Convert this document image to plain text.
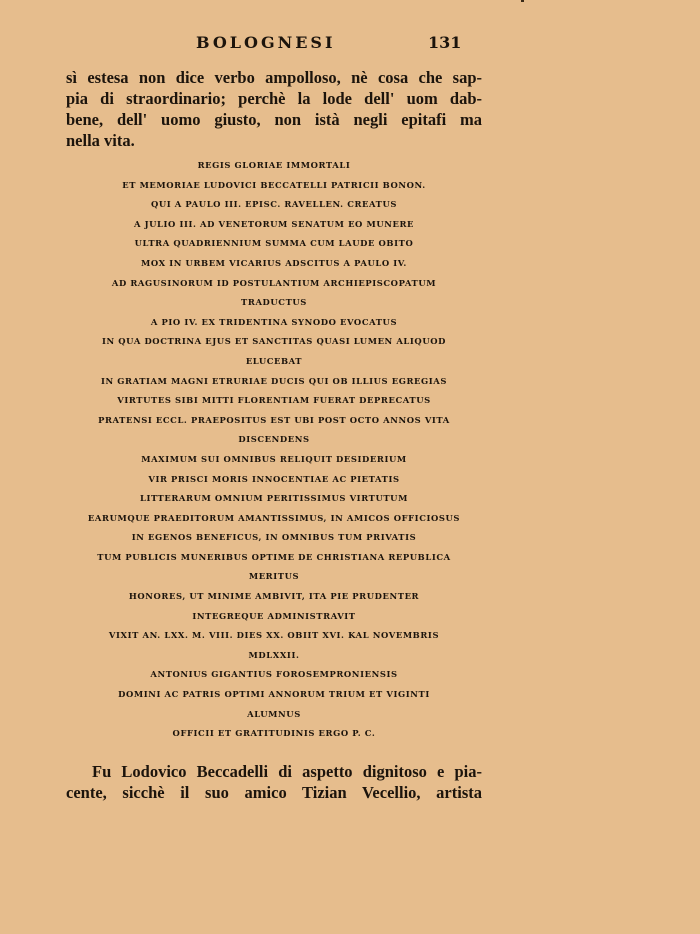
BOLOGNESI	131
sì estesa non dice verbo ampolloso, nè cosa che sap-
pia di straordinario; perchè la lode dell' uom dab-
bene, dell' uomo giusto, non istà negli epitafi ma
nella vita.
REGIS GLORIAE IMMORTALI
ET MEMORIAE LUDOVICI BECCATELLI PATRICII BONON.
QUI A PAULO III. EPISC. RAVELLEN. CREATUS
A JULIO III. AD VENETORUM SENATUM EO MUNERE
ULTRA QUADRIENNIUM SUMMA CUM LAUDE OBITO
MOX IN URBEM VICARIUS ADSCITUS A PAULO IV.
AD RAGUSINORUM ID POSTULANTIUM ARCHIEPISCOPATUM
TRADUCTUS
A PIO IV. EX TRIDENTINA SYNODO EVOCATUS
IN QUA DOCTRINA EJUS ET SANCTITAS QUASI LUMEN ALIQUOD
ELUCEBAT
IN GRATIAM MAGNI ETRURIAE DUCIS QUI OB ILLIUS EGREGIAS
VIRTUTES SIBI MITTI FLORENTIAM FUERAT DEPRECATUS
PRATENSI ECCL. PRAEPOSITUS EST UBI POST OCTO ANNOS VITA
DISCENDENS
MAXIMUM SUI OMNIBUS RELIQUIT DESIDERIUM
VIR PRISCI MORIS INNOCENTIAE AC PIETATIS
LITTERARUM OMNIUM PERITISSIMUS VIRTUTUM
EARUMQUE PRAEDITORUM AMANTISSIMUS, IN AMICOS OFFICIOSUS
IN EGENOS BENEFICUS, IN OMNIBUS TUM PRIVATIS
TUM PUBLICIS MUNERIBUS OPTIME DE CHRISTIANA REPUBLICA
MERITUS
HONORES, UT MINIME AMBIVIT, ITA PIE PRUDENTER
INTEGREQUE ADMINISTRAVIT
VIXIT AN. LXX. M. VIII. DIES XX. OBIIT XVI. KAL NOVEMBRIS
MDLXXII.
ANTONIUS GIGANTIUS FOROSEMPRONIENSIS
DOMINI AC PATRIS OPTIMI ANNORUM TRIUM ET VIGINTI
ALUMNUS
OFFICII ET GRATITUDINIS ERGO P. C.
Fu Lodovico Beccadelli di aspetto dignitoso e pia-
cente, sicchè il suo amico Tizian Vecellio, artista
